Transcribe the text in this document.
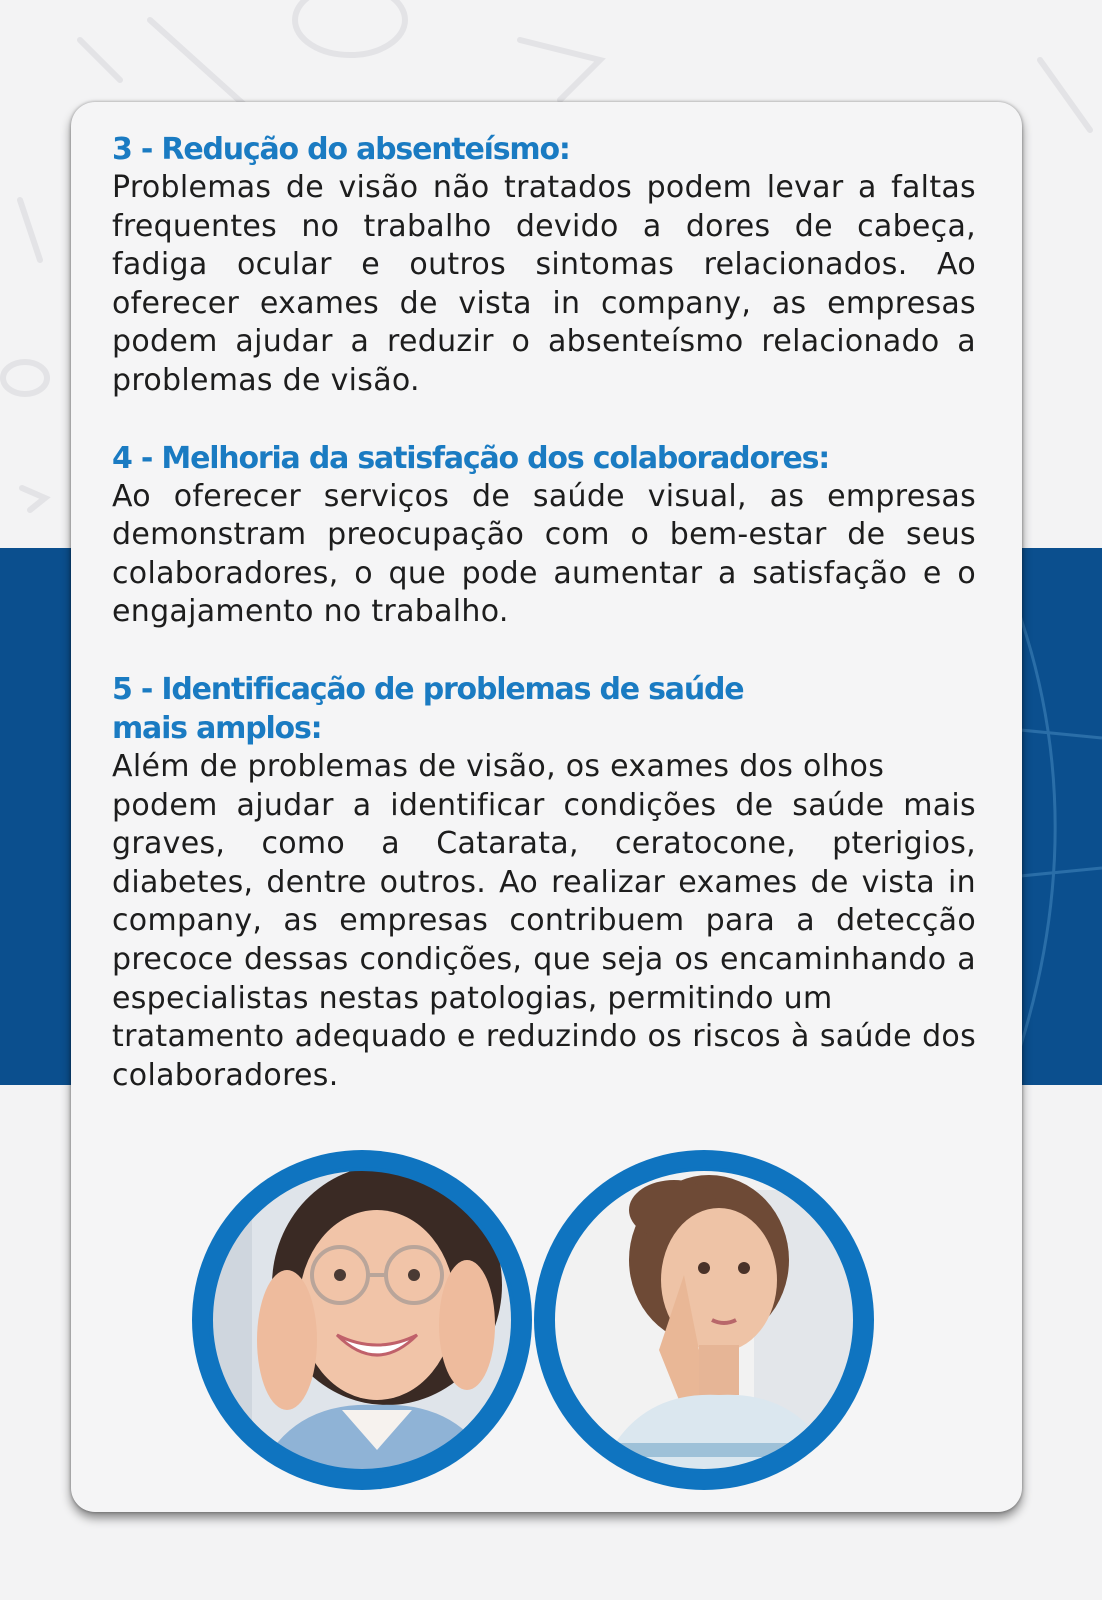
3 - Redução do absenteísmo:

Problemas de visão não tratados podem levar a faltas frequentes no trabalho devido a dores de cabeça, fadiga ocular e outros sintomas relacionados. Ao oferecer exames de vista in company, as empresas podem ajudar a reduzir o absenteísmo relacionado a problemas de visão.

4 - Melhoria da satisfação dos colaboradores:

Ao oferecer serviços de saúde visual, as empresas demonstram preocupação com o bem-estar de seus colaboradores, o que pode aumentar a satisfação e o engajamento no trabalho.

5 - Identificação de problemas de saúde

mais amplos:

Além de problemas de visão, os exames dos olhos

podem ajudar a identificar condições de saúde mais graves, como a Catarata, ceratocone, pterigios, diabetes, dentre outros. Ao realizar exames de vista in company, as empresas contribuem para a detecção precoce dessas condições, que seja os encaminhando a especialistas nestas patologias, permitindo um

tratamento adequado e reduzindo os riscos à saúde dos colaboradores.
